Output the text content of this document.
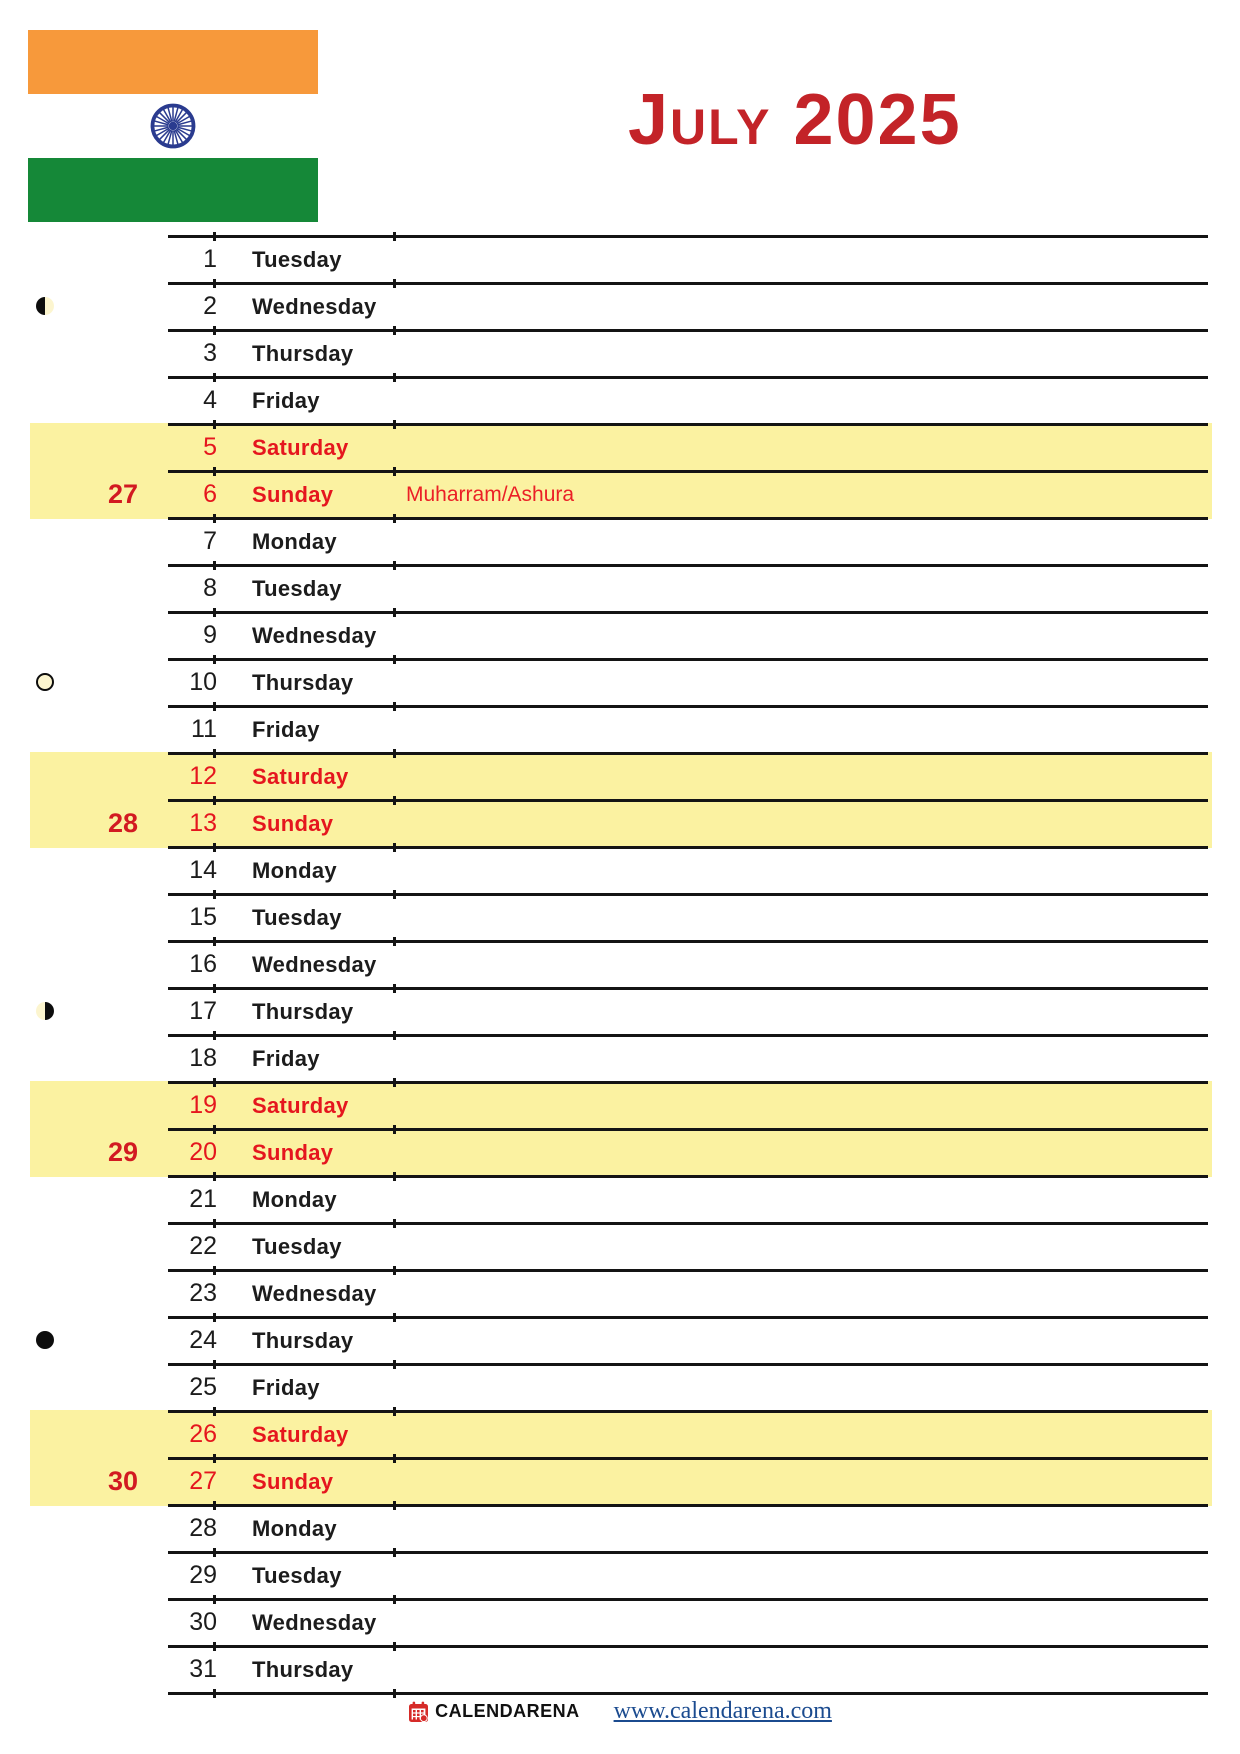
July 2025
1 Tuesday
2 Wednesday
3 Thursday
4 Friday
5 Saturday
6 Sunday	Muharram/Ashura
7 Monday
8 Tuesday
9 Wednesday
10 Thursday
11 Friday
12 Saturday
13 Sunday
14 Monday
15 Tuesday
16 Wednesday
17 Thursday
18 Friday
19 Saturday
20 Sunday
21 Monday
22 Tuesday
23 Wednesday
24 Thursday
25 Friday
26 Saturday
27 Sunday
28 Monday
29 Tuesday
30 Wednesday
31 Thursday
27
28
29
30
CALENDARENA www.calendarena.com
